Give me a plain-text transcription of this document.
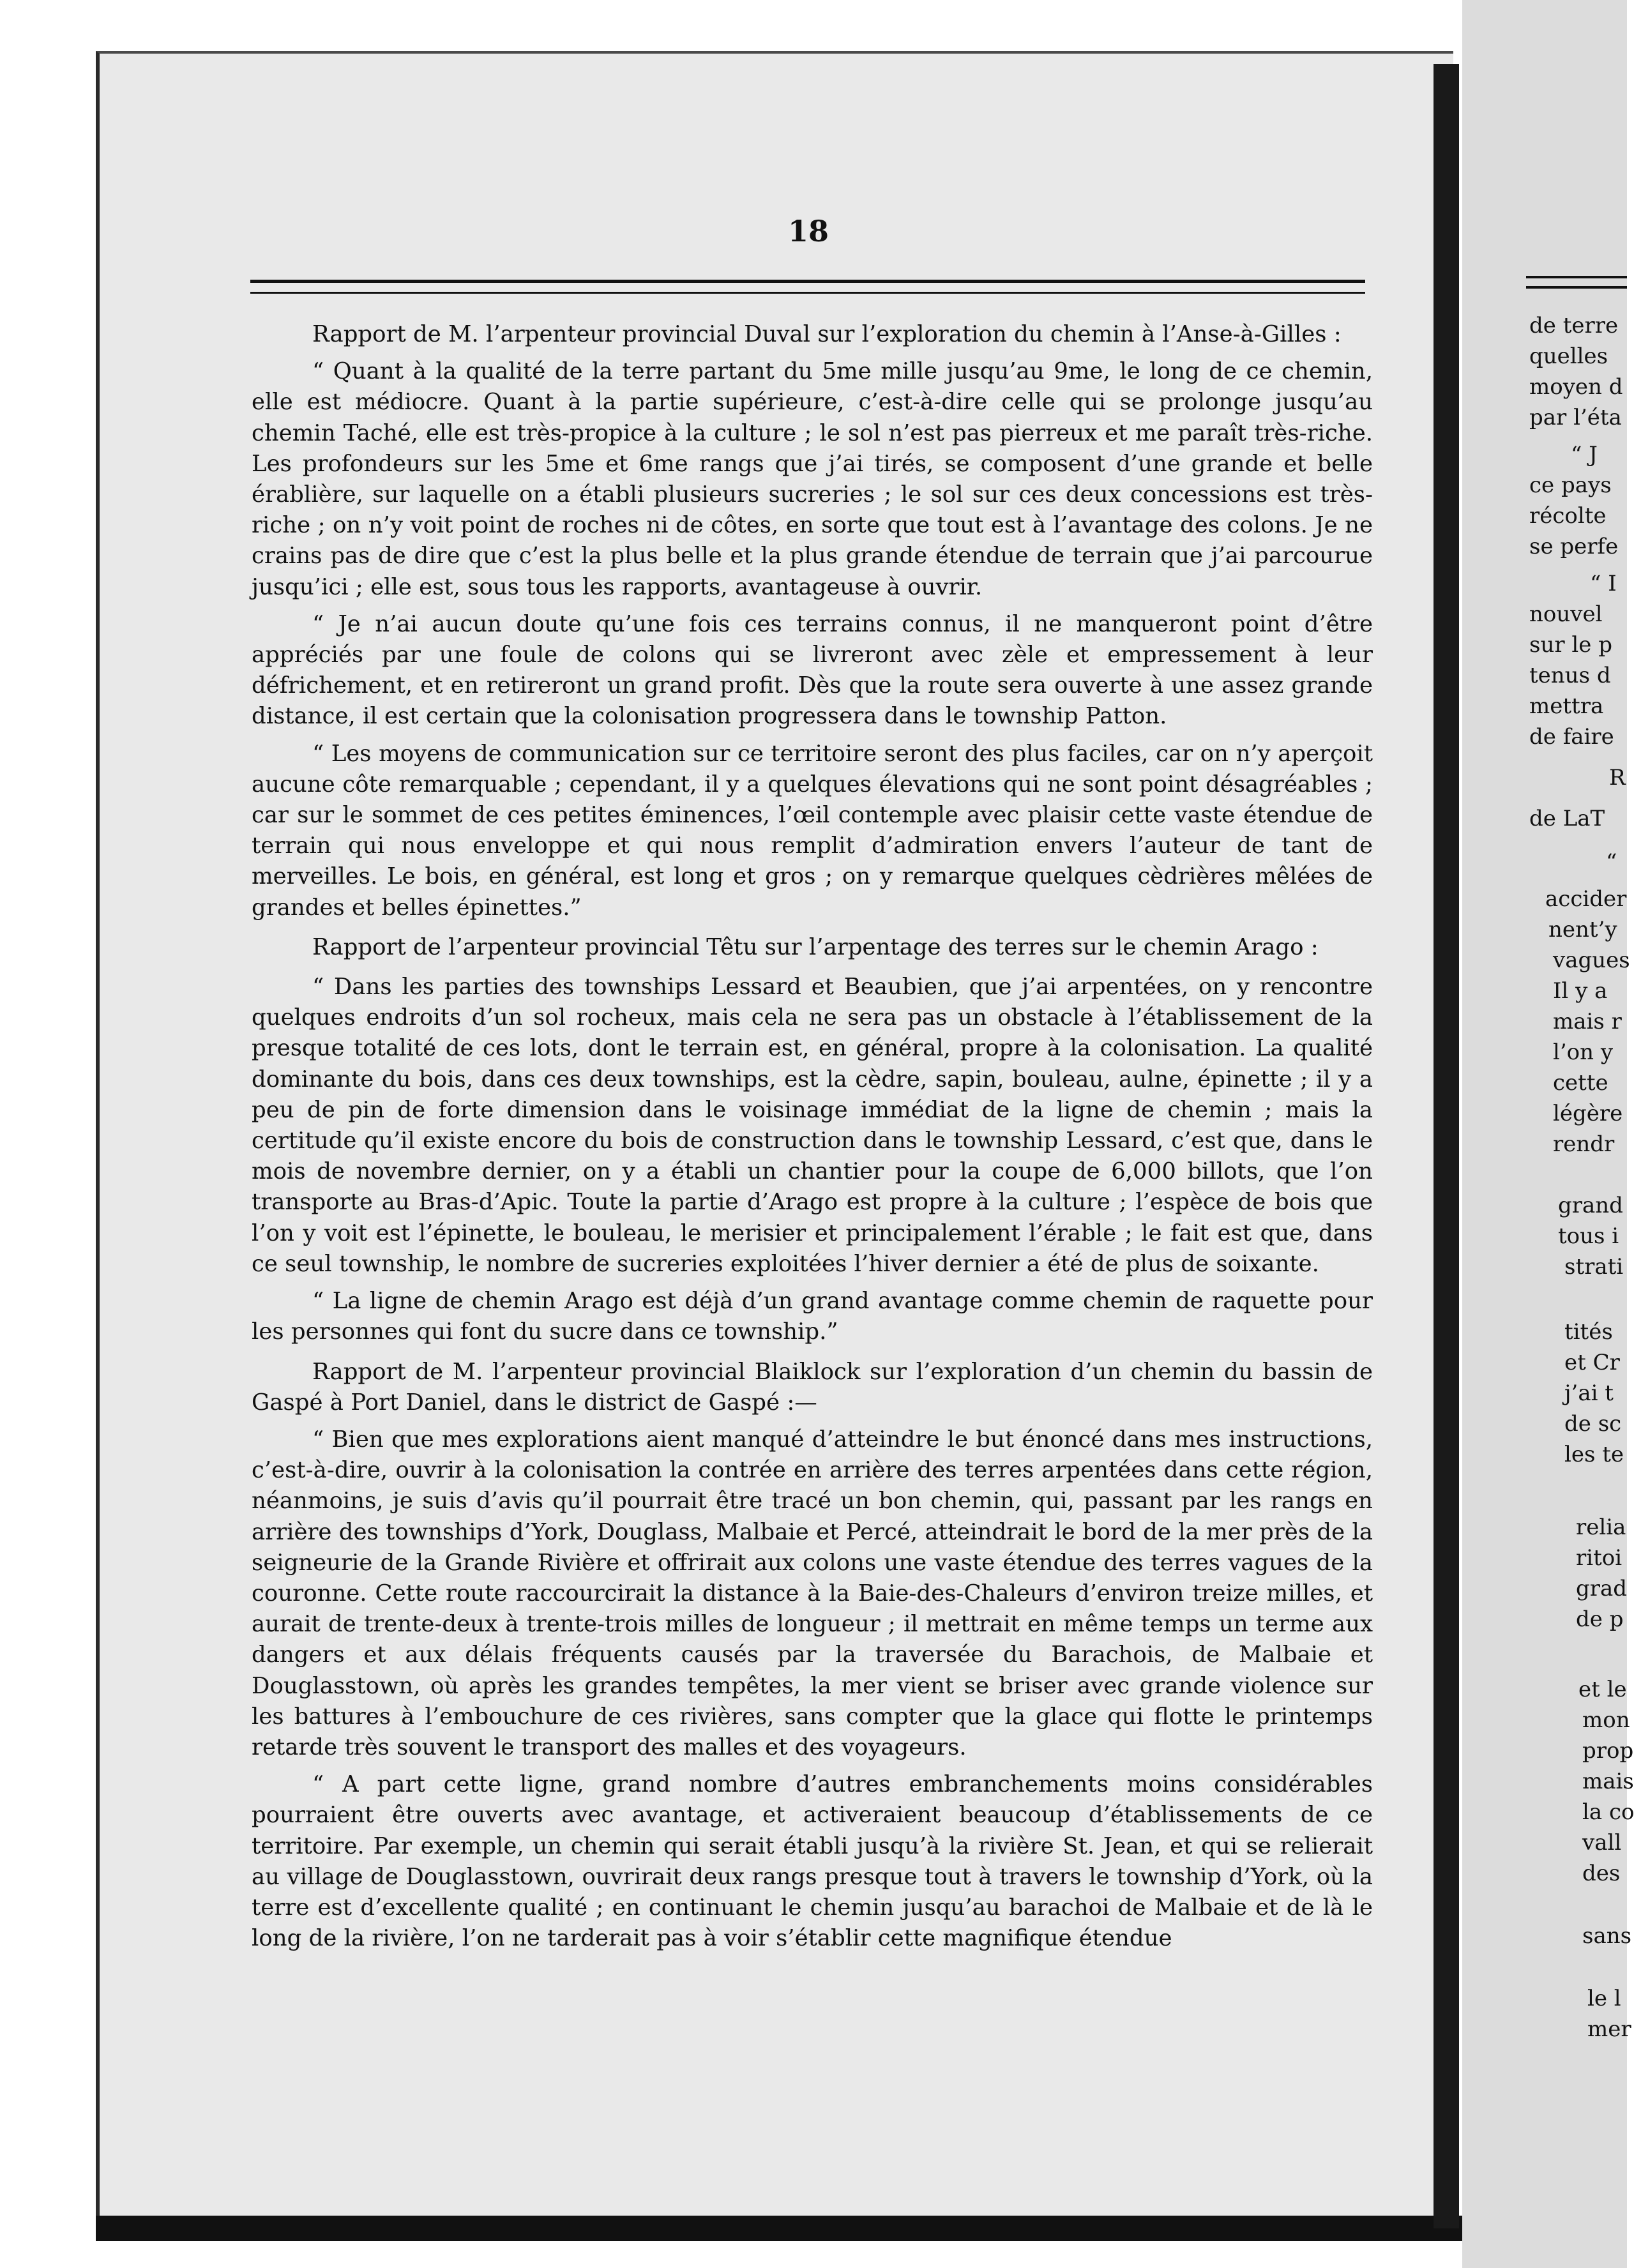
18

Rapport de M. l’arpenteur provincial Duval sur l’exploration du chemin à l’Anse-à-Gilles :

“ Quant à la qualité de la terre partant du 5me mille jusqu’au 9me, le long de ce chemin, elle est médiocre. Quant à la partie supérieure, c’est-à-dire celle qui se prolonge jusqu’au chemin Taché, elle est très-propice à la culture ; le sol n’est pas pierreux et me paraît très-riche. Les profondeurs sur les 5me et 6me rangs que j’ai tirés, se composent d’une grande et belle érablière, sur laquelle on a établi plusieurs sucreries ; le sol sur ces deux concessions est très-riche ; on n’y voit point de roches ni de côtes, en sorte que tout est à l’avantage des colons. Je ne crains pas de dire que c’est la plus belle et la plus grande étendue de terrain que j’ai parcourue jusqu’ici ; elle est, sous tous les rapports, avantageuse à ouvrir.

“ Je n’ai aucun doute qu’une fois ces terrains connus, il ne manqueront point d’être appréciés par une foule de colons qui se livreront avec zèle et empressement à leur défrichement, et en retireront un grand profit. Dès que la route sera ouverte à une assez grande distance, il est certain que la colonisation progressera dans le township Patton.

“ Les moyens de communication sur ce territoire seront des plus faciles, car on n’y aperçoit aucune côte remarquable ; cependant, il y a quelques élevations qui ne sont point désagréables ; car sur le sommet de ces petites éminences, l’œil contemple avec plaisir cette vaste étendue de terrain qui nous enveloppe et qui nous remplit d’admiration envers l’auteur de tant de merveilles. Le bois, en général, est long et gros ; on y remarque quelques cèdrières mêlées de grandes et belles épinettes.”

Rapport de l’arpenteur provincial Têtu sur l’arpentage des terres sur le chemin Arago :

“ Dans les parties des townships Lessard et Beaubien, que j’ai arpentées, on y rencontre quelques endroits d’un sol rocheux, mais cela ne sera pas un obstacle à l’établissement de la presque totalité de ces lots, dont le terrain est, en général, propre à la colonisation. La qualité dominante du bois, dans ces deux townships, est la cèdre, sapin, bouleau, aulne, épinette ; il y a peu de pin de forte dimension dans le voisinage immédiat de la ligne de chemin ; mais la certitude qu’il existe encore du bois de construction dans le township Lessard, c’est que, dans le mois de novembre dernier, on y a établi un chantier pour la coupe de 6,000 billots, que l’on transporte au Bras-d’Apic. Toute la partie d’Arago est propre à la culture ; l’espèce de bois que l’on y voit est l’épinette, le bouleau, le merisier et principalement l’érable ; le fait est que, dans ce seul township, le nombre de sucreries exploitées l’hiver dernier a été de plus de soixante.

“ La ligne de chemin Arago est déjà d’un grand avantage comme chemin de raquette pour les personnes qui font du sucre dans ce township.”

Rapport de M. l’arpenteur provincial Blaiklock sur l’exploration d’un chemin du bassin de Gaspé à Port Daniel, dans le district de Gaspé :—

“ Bien que mes explorations aient manqué d’atteindre le but énoncé dans mes instructions, c’est-à-dire, ouvrir à la colonisation la contrée en arrière des terres arpentées dans cette région, néanmoins, je suis d’avis qu’il pourrait être tracé un bon chemin, qui, passant par les rangs en arrière des townships d’York, Douglass, Malbaie et Percé, atteindrait le bord de la mer près de la seigneurie de la Grande Rivière et offrirait aux colons une vaste étendue des terres vagues de la couronne. Cette route raccourcirait la distance à la Baie-des-Chaleurs d’environ treize milles, et aurait de trente-deux à trente-trois milles de longueur ; il mettrait en même temps un terme aux dangers et aux délais fréquents causés par la traversée du Barachois, de Malbaie et Douglasstown, où après les grandes tempêtes, la mer vient se briser avec grande violence sur les battures à l’embouchure de ces rivières, sans compter que la glace qui flotte le printemps retarde très souvent le transport des malles et des voyageurs.

“ A part cette ligne, grand nombre d’autres embranchements moins considérables pourraient être ouverts avec avantage, et activeraient beaucoup d’établissements de ce territoire. Par exemple, un chemin qui serait établi jusqu’à la rivière St. Jean, et qui se relierait au village de Douglasstown, ouvrirait deux rangs presque tout à travers le township d’York, où la terre est d’excellente qualité ; en continuant le chemin jusqu’au barachoi de Malbaie et de là le long de la rivière, l’on ne tarderait pas à voir s’établir cette magnifique étendue

de terre
quelles
moyen d
par l’éta
“ J
ce pays
récolte
se perfe
“ I
nouvel
sur le p
tenus d
mettra
de faire
R
de LaT
“
accider
nent’y
vagues
Il y a
mais r
l’on y
cette
légère
rendr
grand
tous i
strati
tités
et Cr
j’ai t
de sc
les te
relia
ritoi
grad
de p
et le
mon
prop
mais
la co
vall
des
sans
le l
mer
